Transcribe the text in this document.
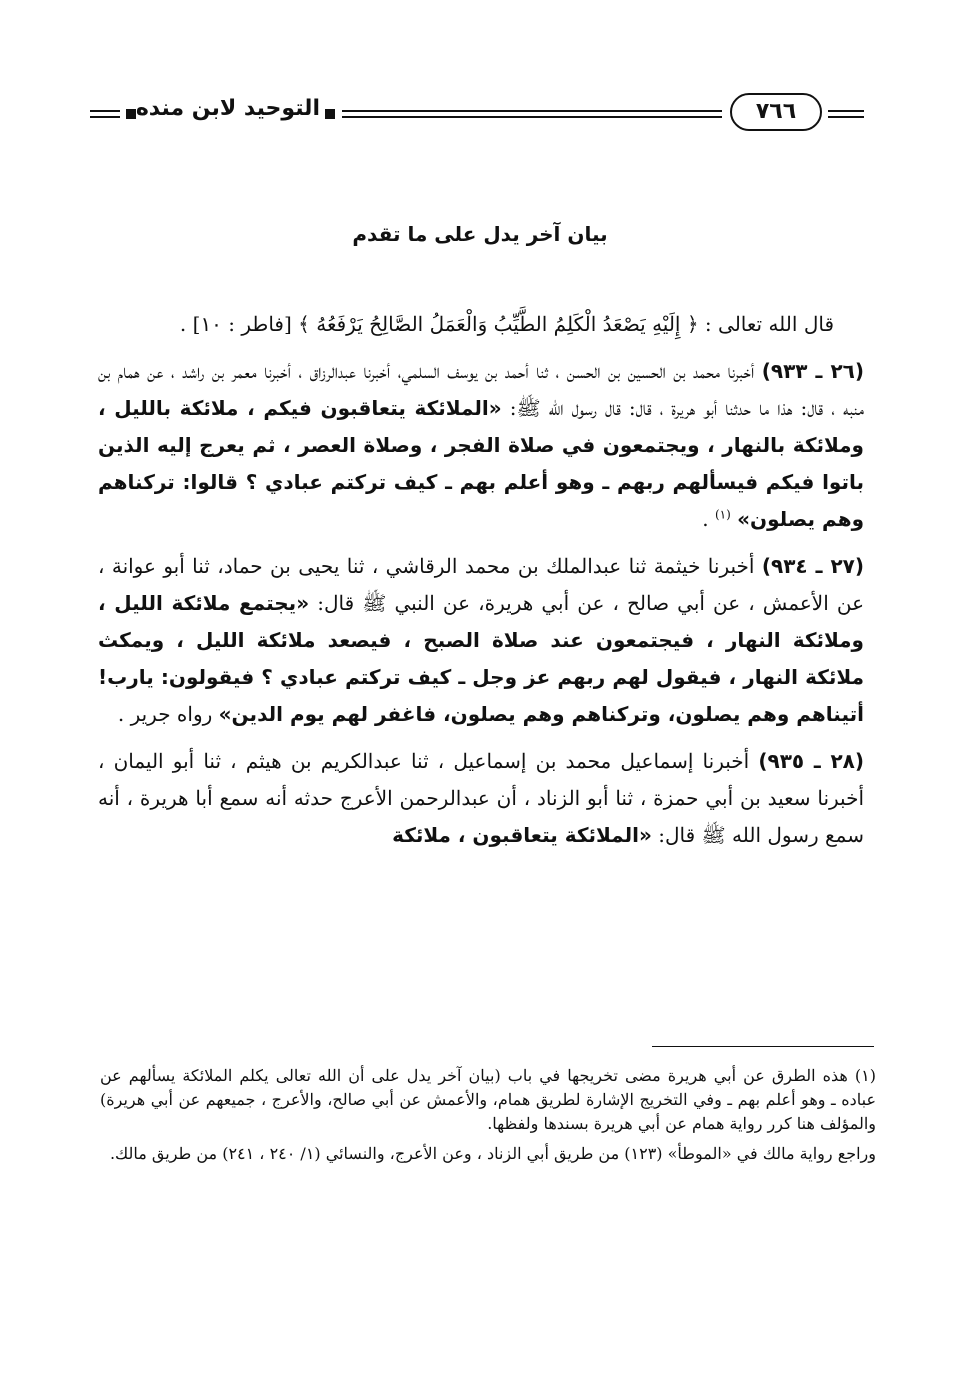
التوحيد لابن منده	٧٦٦
بيان آخر يدل على ما تقدم

قال الله تعالى : ﴿ إِلَيْهِ يَصْعَدُ الْكَلِمُ الطَّيِّبُ وَالْعَمَلُ الصَّالِحُ يَرْفَعُهُ ﴾ [فاطر : ١٠] .

(٢٦ ـ ٩٣٣) أخبرنا محمد بن الحسين بن الحسن ، ثنا أحمد بن يوسف السلمي، أخبرنا عبدالرزاق ، أخبرنا معمر بن راشد ، عن همام بن منبه ، قال: هذا ما حدثنا أبو هريرة ، قال: قال رسول الله ﷺ: «الملائكة يتعاقبون فيكم ، ملائكة بالليل ، وملائكة بالنهار ، ويجتمعون في صلاة الفجر ، وصلاة العصر ، ثم يعرج إليه الذين باتوا فيكم فيسألهم ربهم ـ وهو أعلم بهم ـ كيف تركتم عبادي ؟ قالوا: تركناهم وهم يصلون» $^{(١)}$ .

(٢٧ ـ ٩٣٤) أخبرنا خيثمة ثنا عبدالملك بن محمد الرقاشي ، ثنا يحيى بن حماد، ثنا أبو عوانة ، عن الأعمش ، عن أبي صالح ، عن أبي هريرة، عن النبي ﷺ قال: «يجتمع ملائكة الليل ، وملائكة النهار ، فيجتمعون عند صلاة الصبح ، فيصعد ملائكة الليل ، ويمكث ملائكة النهار ، فيقول لهم ربهم عز وجل ـ كيف تركتم عبادي ؟ فيقولون: يارب! أتيناهم وهم يصلون، وتركناهم وهم يصلون، فاغفر لهم يوم الدين» رواه جرير .

(٢٨ ـ ٩٣٥) أخبرنا إسماعيل محمد بن إسماعيل ، ثنا عبدالكريم بن هيثم ، ثنا أبو اليمان ، أخبرنا سعيد بن أبي حمزة ، ثنا أبو الزناد ، أن عبدالرحمن الأعرج حدثه أنه سمع أبا هريرة ، أنه سمع رسول الله ﷺ قال: «الملائكة يتعاقبون ، ملائكة

(١) هذه الطرق عن أبي هريرة مضى تخريجها في باب (بيان آخر يدل على أن الله تعالى يكلم الملائكة يسألهم عن عباده ـ وهو أعلم بهم ـ وفي التخريج الإشارة لطريق همام، والأعمش عن أبي صالح، والأعرج ، جميعهم عن أبي هريرة) والمؤلف هنا كرر رواية همام عن أبي هريرة بسندها ولفظها.

وراجع رواية مالك في «الموطأ» (١٢٣) من طريق أبي الزناد ، وعن الأعرج، والنسائي (١/ ٢٤٠ ، ٢٤١) من طريق مالك.
